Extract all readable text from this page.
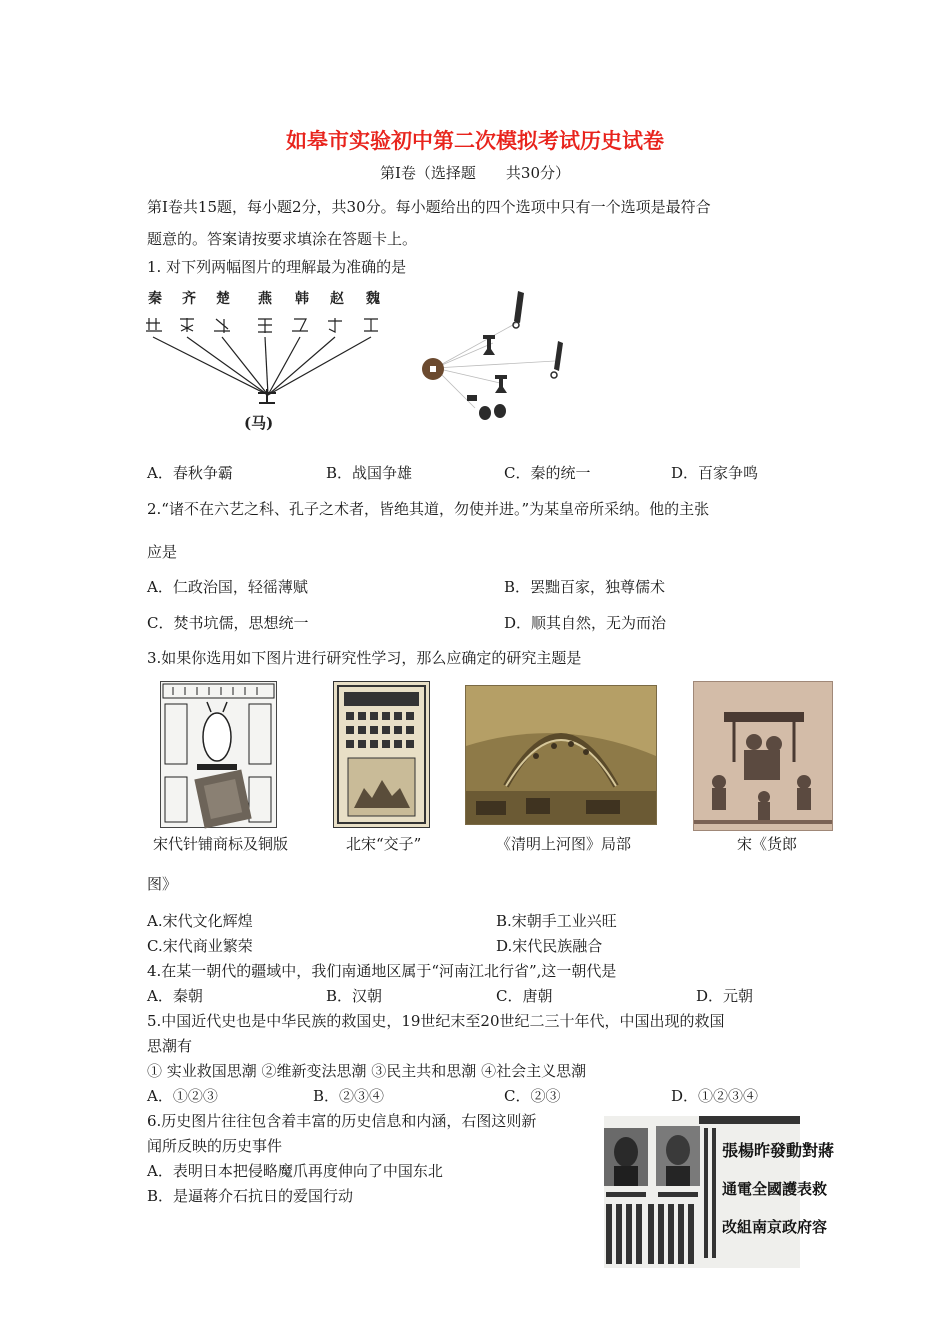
如皋市实验初中第二次模拟考试历史试卷
第Ⅰ卷（选择题　　共30分）
第Ⅰ卷共15题，每小题2分，共30分。每小题给出的四个选项中只有一个选项是最符合
题意的。答案请按要求填涂在答题卡上。
1. 对下列两幅图片的理解最为准确的是
秦 齐 楚 燕 韩 赵 魏
(马)
A．春秋争霸	B．战国争雄	C．秦的统一	D．百家争鸣
2.“诸不在六艺之科、孔子之术者，皆绝其道，勿使并进。”为某皇帝所采纳。他的主张
应是
A．仁政治国，轻徭薄赋	B．罢黜百家，独尊儒术
C．焚书坑儒，思想统一	D．顺其自然，无为而治
3.如果你选用如下图片进行研究性学习，那么应确定的研究主题是
宋代针铺商标及铜版	北宋“交子”	《清明上河图》局部	宋《货郎
图》
A.宋代文化辉煌	B.宋朝手工业兴旺
C.宋代商业繁荣	D.宋代民族融合
4.在某一朝代的疆域中，我们南通地区属于“河南江北行省”,这一朝代是
A．秦朝	B．汉朝	C．唐朝	D．元朝
5.中国近代史也是中华民族的救国史，19世纪末至20世纪二三十年代，中国出现的救国
思潮有
① 实业救国思潮 ②维新变法思潮 ③民主共和思潮 ④社会主义思潮
A．①②③	B．②③④	C．②③	D．①②③④
6.历史图片往往包含着丰富的历史信息和内涵，右图这则新
闻所反映的历史事件
A．表明日本把侵略魔爪再度伸向了中国东北
B．是逼蒋介石抗日的爱国行动
張楊昨發動對蔣
通電全國護表救
改組南京政府容
